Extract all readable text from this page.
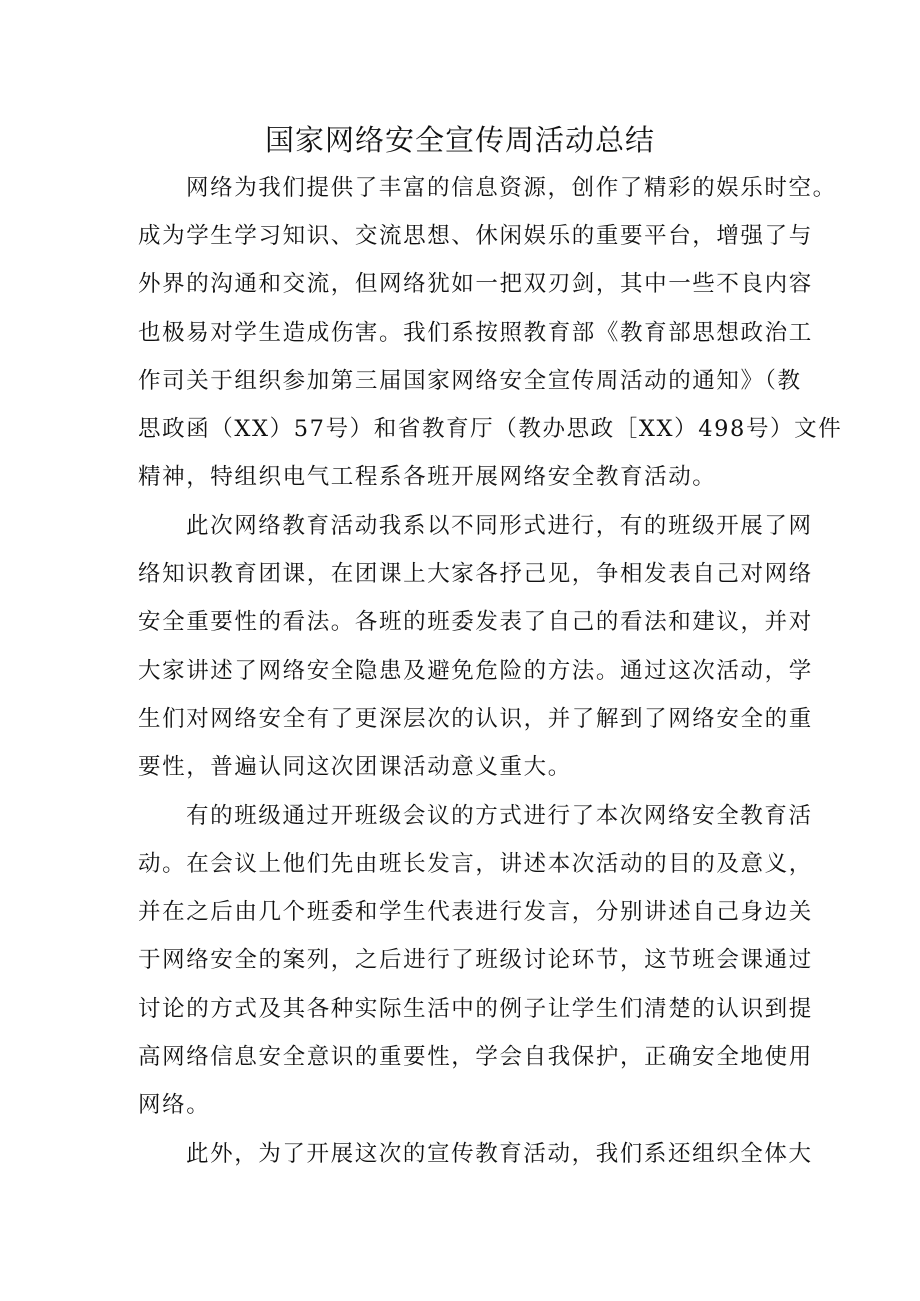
国家网络安全宣传周活动总结

网络为我们提供了丰富的信息资源，创作了精彩的娱乐时空。

成为学生学习知识、交流思想、休闲娱乐的重要平台，增强了与

外界的沟通和交流，但网络犹如一把双刃剑，其中一些不良内容

也极易对学生造成伤害。我们系按照教育部《教育部思想政治工

作司关于组织参加第三届国家网络安全宣传周活动的通知》（教

思政函（XX）57号）和省教育厅（教办思政［XX）498号）文件

精神，特组织电气工程系各班开展网络安全教育活动。

此次网络教育活动我系以不同形式进行，有的班级开展了网

络知识教育团课，在团课上大家各抒己见，争相发表自己对网络

安全重要性的看法。各班的班委发表了自己的看法和建议，并对

大家讲述了网络安全隐患及避免危险的方法。通过这次活动，学

生们对网络安全有了更深层次的认识，并了解到了网络安全的重

要性，普遍认同这次团课活动意义重大。

有的班级通过开班级会议的方式进行了本次网络安全教育活

动。在会议上他们先由班长发言，讲述本次活动的目的及意义，

并在之后由几个班委和学生代表进行发言，分别讲述自己身边关

于网络安全的案列，之后进行了班级讨论环节，这节班会课通过

讨论的方式及其各种实际生活中的例子让学生们清楚的认识到提

高网络信息安全意识的重要性，学会自我保护，正确安全地使用

网络。

此外，为了开展这次的宣传教育活动，我们系还组织全体大
